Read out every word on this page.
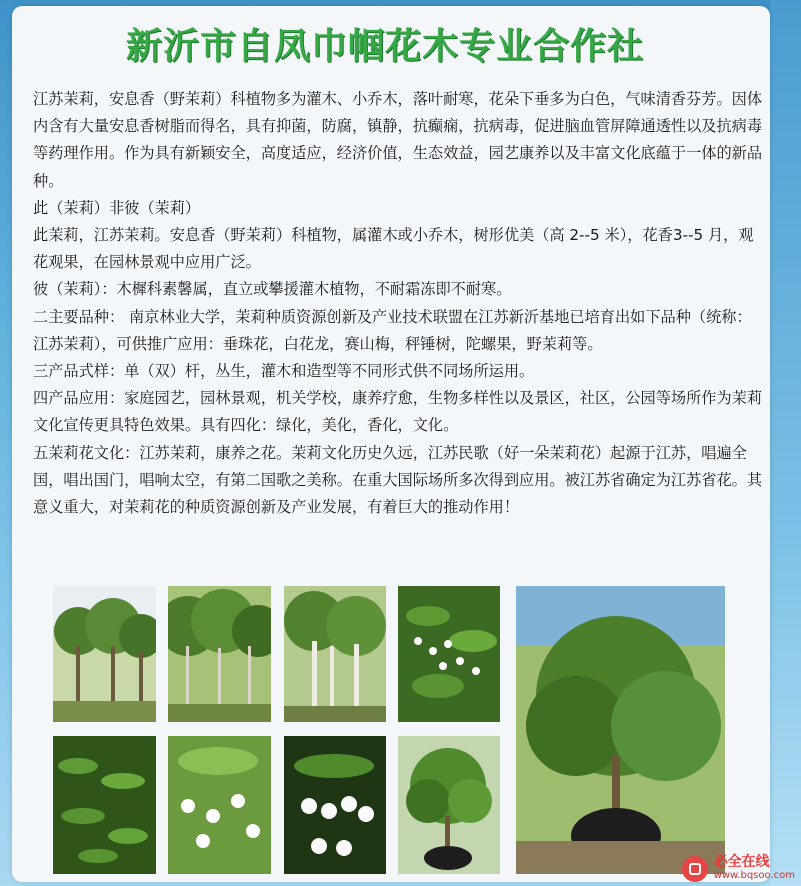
新沂市自凤巾帼花木专业合作社

江苏茉莉，安息香（野茉莉）科植物多为灌木、小乔木，落叶耐寒，花朵下垂多为白色，气味清香芬芳。因体内含有大量安息香树脂而得名，具有抑菌，防腐，镇静，抗癫痫，抗病毒，促进脑血管屏障通透性以及抗病毒等药理作用。作为具有新颖安全，高度适应，经济价值，生态效益，园艺康养以及丰富文化底蕴于一体的新品种。

此（茉莉）非彼（茉莉）

此茉莉，江苏茉莉。安息香（野茉莉）科植物，属灌木或小乔木，树形优美（高 2--5 米），花香3--5 月，观花观果，在园林景观中应用广泛。

彼（茉莉）：木樨科素馨属，直立或攀援灌木植物，不耐霜冻即不耐寒。

二主要品种： 南京林业大学，茉莉种质资源创新及产业技术联盟在江苏新沂基地已培育出如下品种（统称：江苏茉莉），可供推广应用：垂珠花，白花龙，赛山梅，秤锤树，陀螺果，野茉莉等。

三产品式样：单（双）杆，丛生，灌木和造型等不同形式供不同场所运用。

四产品应用：家庭园艺，园林景观，机关学校，康养疗愈，生物多样性以及景区，社区，公园等场所作为茉莉文化宣传更具特色效果。具有四化：绿化，美化，香化，文化。

五茉莉花文化：江苏茉莉，康养之花。茉莉文化历史久远，江苏民歌（好一朵茉莉花）起源于江苏，唱遍全国，唱出国门，唱响太空，有第二国歌之美称。在重大国际场所多次得到应用。被江苏省确定为江苏省花。其意义重大，对茉莉花的种质资源创新及产业发展，有着巨大的推动作用！

必全在线
www.bqsoo.com
